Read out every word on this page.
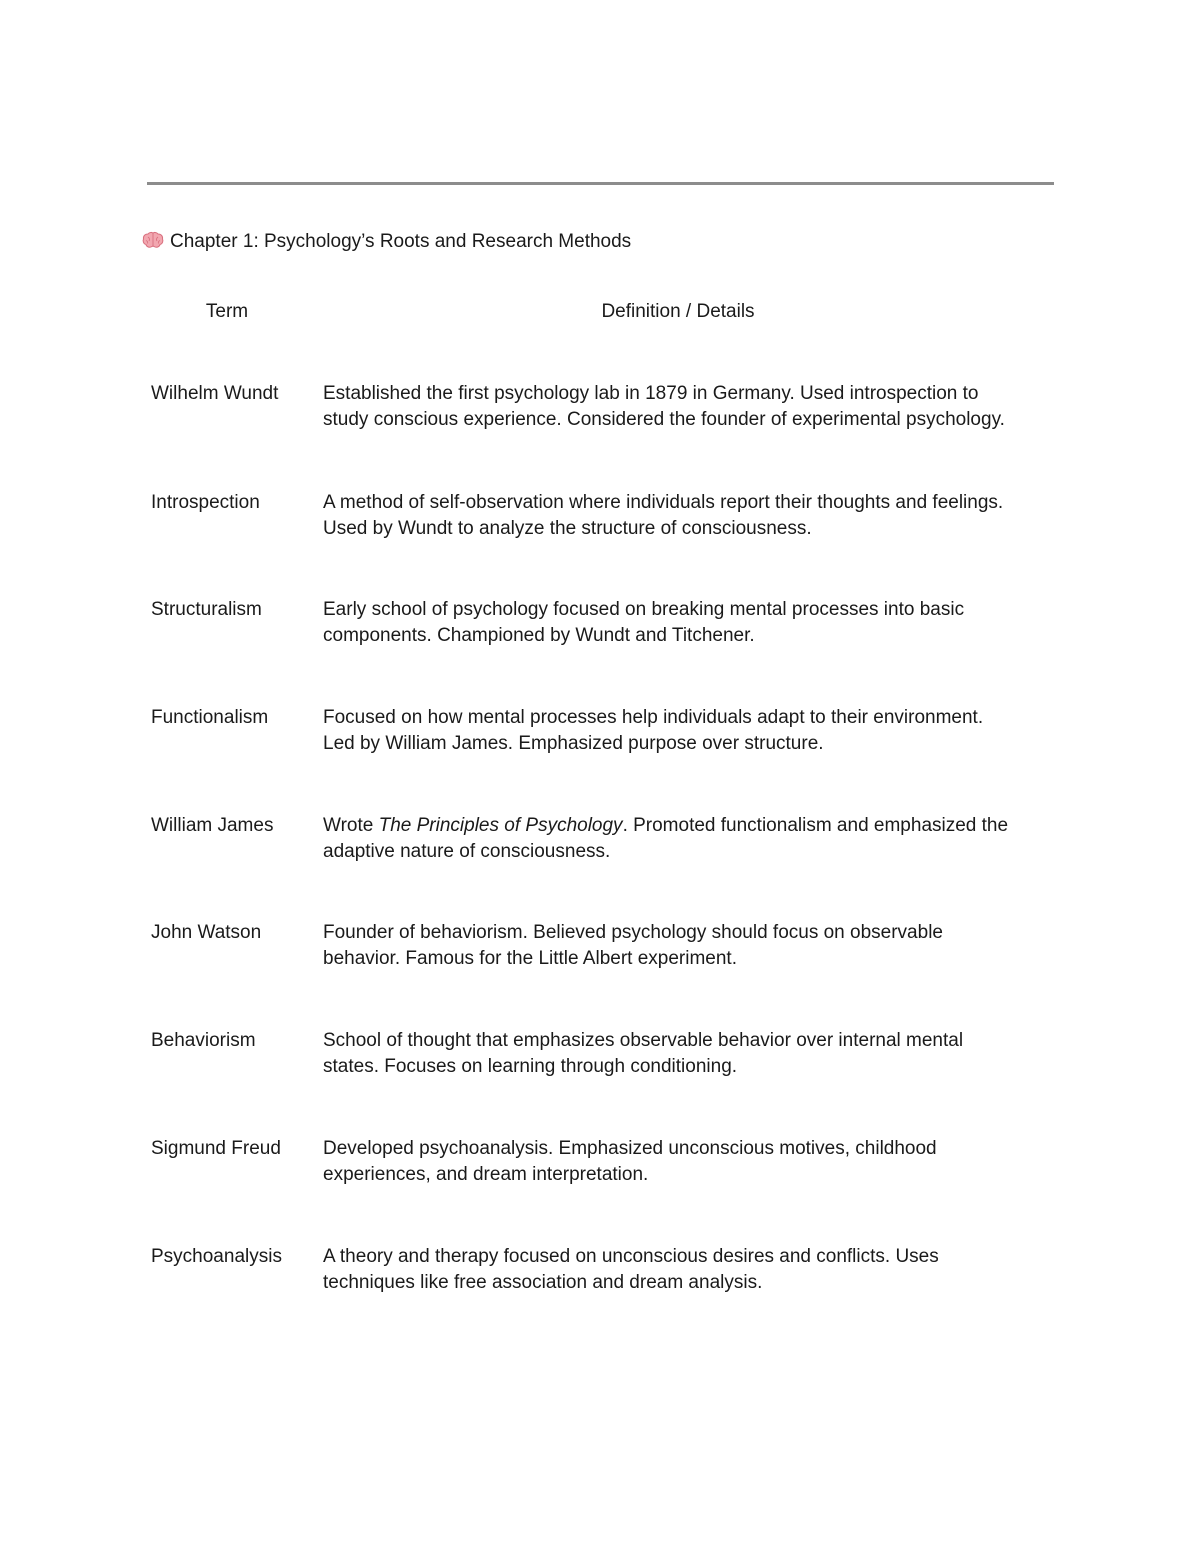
Chapter 1: Psychology’s Roots and Research Methods
Term	Definition / Details
Wilhelm Wundt	Established the first psychology lab in 1879 in Germany. Used introspection to
study conscious experience. Considered the founder of experimental psychology.
Introspection	A method of self-observation where individuals report their thoughts and feelings.
Used by Wundt to analyze the structure of consciousness.
Structuralism	Early school of psychology focused on breaking mental processes into basic
components. Championed by Wundt and Titchener.
Functionalism	Focused on how mental processes help individuals adapt to their environment.
Led by William James. Emphasized purpose over structure.
William James	Wrote The Principles of Psychology. Promoted functionalism and emphasized the
adaptive nature of consciousness.
John Watson	Founder of behaviorism. Believed psychology should focus on observable
behavior. Famous for the Little Albert experiment.
Behaviorism	School of thought that emphasizes observable behavior over internal mental
states. Focuses on learning through conditioning.
Sigmund Freud	Developed psychoanalysis. Emphasized unconscious motives, childhood
experiences, and dream interpretation.
Psychoanalysis	A theory and therapy focused on unconscious desires and conflicts. Uses
techniques like free association and dream analysis.
